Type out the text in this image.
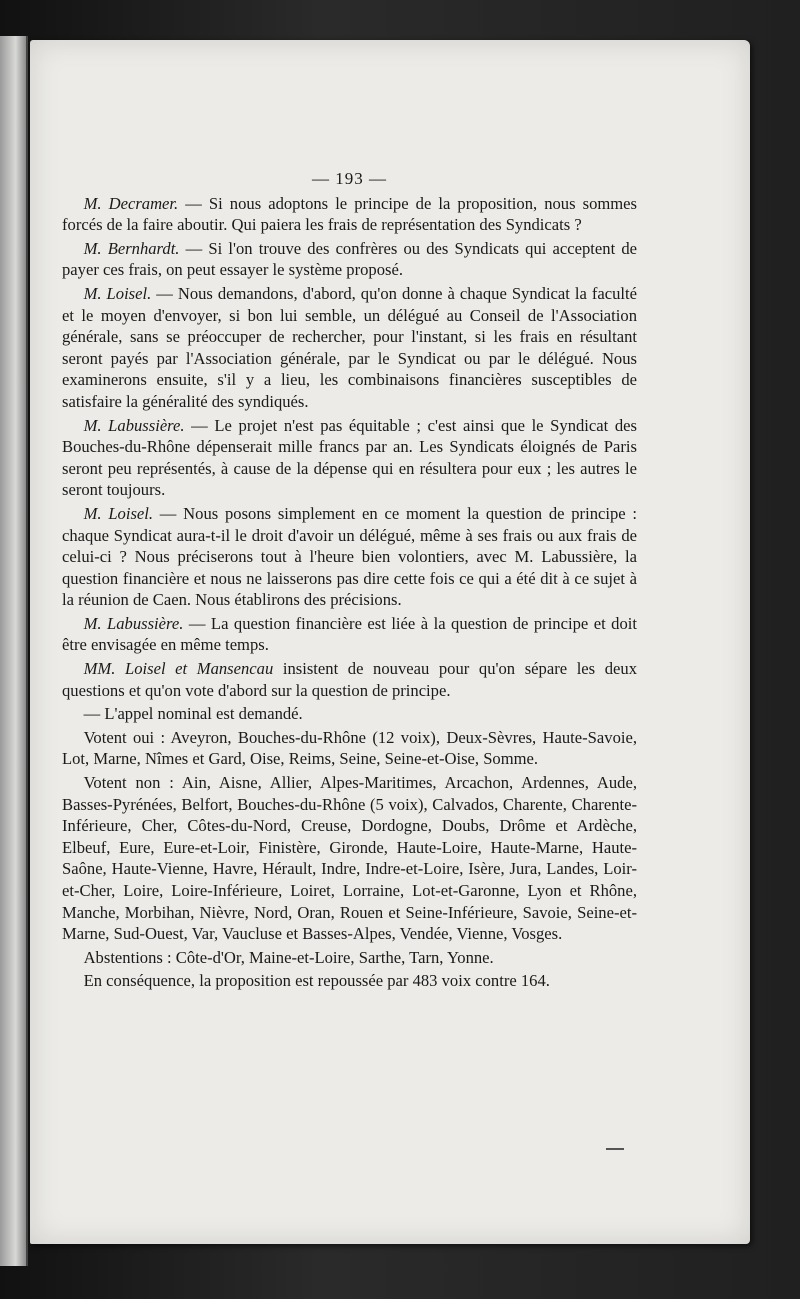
— 193 —

M. Decramer. — Si nous adoptons le principe de la proposition, nous sommes forcés de la faire aboutir. Qui paiera les frais de représentation des Syndicats ?

M. Bernhardt. — Si l'on trouve des confrères ou des Syndicats qui acceptent de payer ces frais, on peut essayer le système proposé.

M. Loisel. — Nous demandons, d'abord, qu'on donne à chaque Syndicat la faculté et le moyen d'envoyer, si bon lui semble, un délégué au Conseil de l'Association générale, sans se préoccuper de rechercher, pour l'instant, si les frais en résultant seront payés par l'Association générale, par le Syndicat ou par le délégué. Nous examinerons ensuite, s'il y a lieu, les combinaisons financières susceptibles de satisfaire la généralité des syndiqués.

M. Labussière. — Le projet n'est pas équitable ; c'est ainsi que le Syndicat des Bouches-du-Rhône dépenserait mille francs par an. Les Syndicats éloignés de Paris seront peu représentés, à cause de la dépense qui en résultera pour eux ; les autres le seront toujours.

M. Loisel. — Nous posons simplement en ce moment la question de principe : chaque Syndicat aura-t-il le droit d'avoir un délégué, même à ses frais ou aux frais de celui-ci ? Nous préciserons tout à l'heure bien volontiers, avec M. Labussière, la question financière et nous ne laisserons pas dire cette fois ce qui a été dit à ce sujet à la réunion de Caen. Nous établirons des précisions.

M. Labussière. — La question financière est liée à la question de principe et doit être envisagée en même temps.

MM. Loisel et Mansencau insistent de nouveau pour qu'on sépare les deux questions et qu'on vote d'abord sur la question de principe.

— L'appel nominal est demandé.

Votent oui : Aveyron, Bouches-du-Rhône (12 voix), Deux-Sèvres, Haute-Savoie, Lot, Marne, Nîmes et Gard, Oise, Reims, Seine, Seine-et-Oise, Somme.

Votent non : Ain, Aisne, Allier, Alpes-Maritimes, Arcachon, Ardennes, Aude, Basses-Pyrénées, Belfort, Bouches-du-Rhône (5 voix), Calvados, Charente, Charente-Inférieure, Cher, Côtes-du-Nord, Creuse, Dordogne, Doubs, Drôme et Ardèche, Elbeuf, Eure, Eure-et-Loir, Finistère, Gironde, Haute-Loire, Haute-Marne, Haute-Saône, Haute-Vienne, Havre, Hérault, Indre, Indre-et-Loire, Isère, Jura, Landes, Loir-et-Cher, Loire, Loire-Inférieure, Loiret, Lorraine, Lot-et-Garonne, Lyon et Rhône, Manche, Morbihan, Nièvre, Nord, Oran, Rouen et Seine-Inférieure, Savoie, Seine-et-Marne, Sud-Ouest, Var, Vaucluse et Basses-Alpes, Vendée, Vienne, Vosges.

Abstentions : Côte-d'Or, Maine-et-Loire, Sarthe, Tarn, Yonne.

En conséquence, la proposition est repoussée par 483 voix contre 164.
